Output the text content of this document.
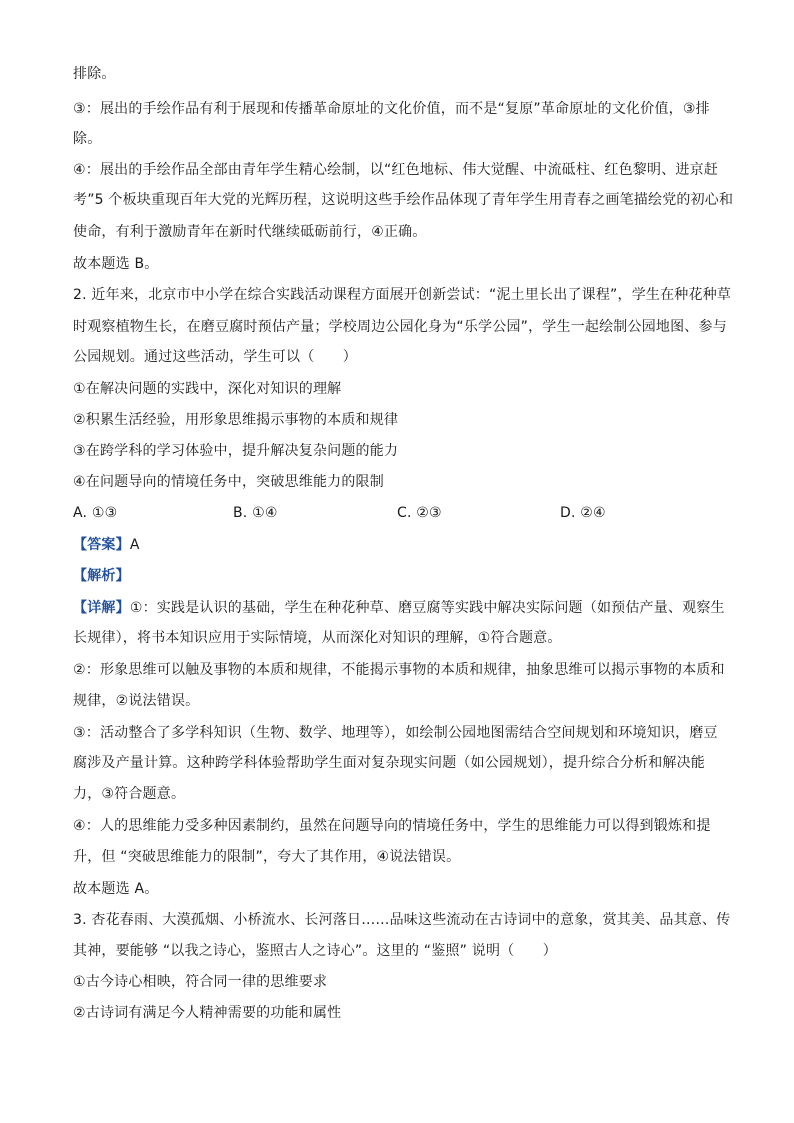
排除。
③：展出的手绘作品有利于展现和传播革命原址的文化价值，而不是“复原”革命原址的文化价值，③排
除。
④：展出的手绘作品全部由青年学生精心绘制，以“红色地标、伟大觉醒、中流砥柱、红色黎明、进京赶
考”5 个板块重现百年大党的光辉历程，这说明这些手绘作品体现了青年学生用青春之画笔描绘党的初心和
使命，有利于激励青年在新时代继续砥砺前行，④正确。
故本题选 B。
2. 近年来，北京市中小学在综合实践活动课程方面展开创新尝试：“泥土里长出了课程”，学生在种花种草
时观察植物生长，在磨豆腐时预估产量；学校周边公园化身为“乐学公园”，学生一起绘制公园地图、参与
公园规划。通过这些活动，学生可以（　　）
①在解决问题的实践中，深化对知识的理解
②积累生活经验，用形象思维揭示事物的本质和规律
③在跨学科的学习体验中，提升解决复杂问题的能力
④在问题导向的情境任务中，突破思维能力的限制
A. ①③	B. ①④	C. ②③	D. ②④
【答案】A
【解析】
【详解】①：实践是认识的基础，学生在种花种草、磨豆腐等实践中解决实际问题（如预估产量、观察生
长规律），将书本知识应用于实际情境，从而深化对知识的理解，①符合题意。
②：形象思维可以触及事物的本质和规律，不能揭示事物的本质和规律，抽象思维可以揭示事物的本质和
规律，②说法错误。
③：活动整合了多学科知识（生物、数学、地理等），如绘制公园地图需结合空间规划和环境知识，磨豆
腐涉及产量计算。这种跨学科体验帮助学生面对复杂现实问题（如公园规划），提升综合分析和解决能
力，③符合题意。
④：人的思维能力受多种因素制约，虽然在问题导向的情境任务中，学生的思维能力可以得到锻炼和提
升，但 “突破思维能力的限制”，夸大了其作用，④说法错误。
故本题选 A。
3. 杏花春雨、大漠孤烟、小桥流水、长河落日……品味这些流动在古诗词中的意象，赏其美、品其意、传
其神，要能够 “以我之诗心，鉴照古人之诗心”。这里的 “鉴照” 说明（　　）
①古今诗心相映，符合同一律的思维要求
②古诗词有满足今人精神需要的功能和属性
